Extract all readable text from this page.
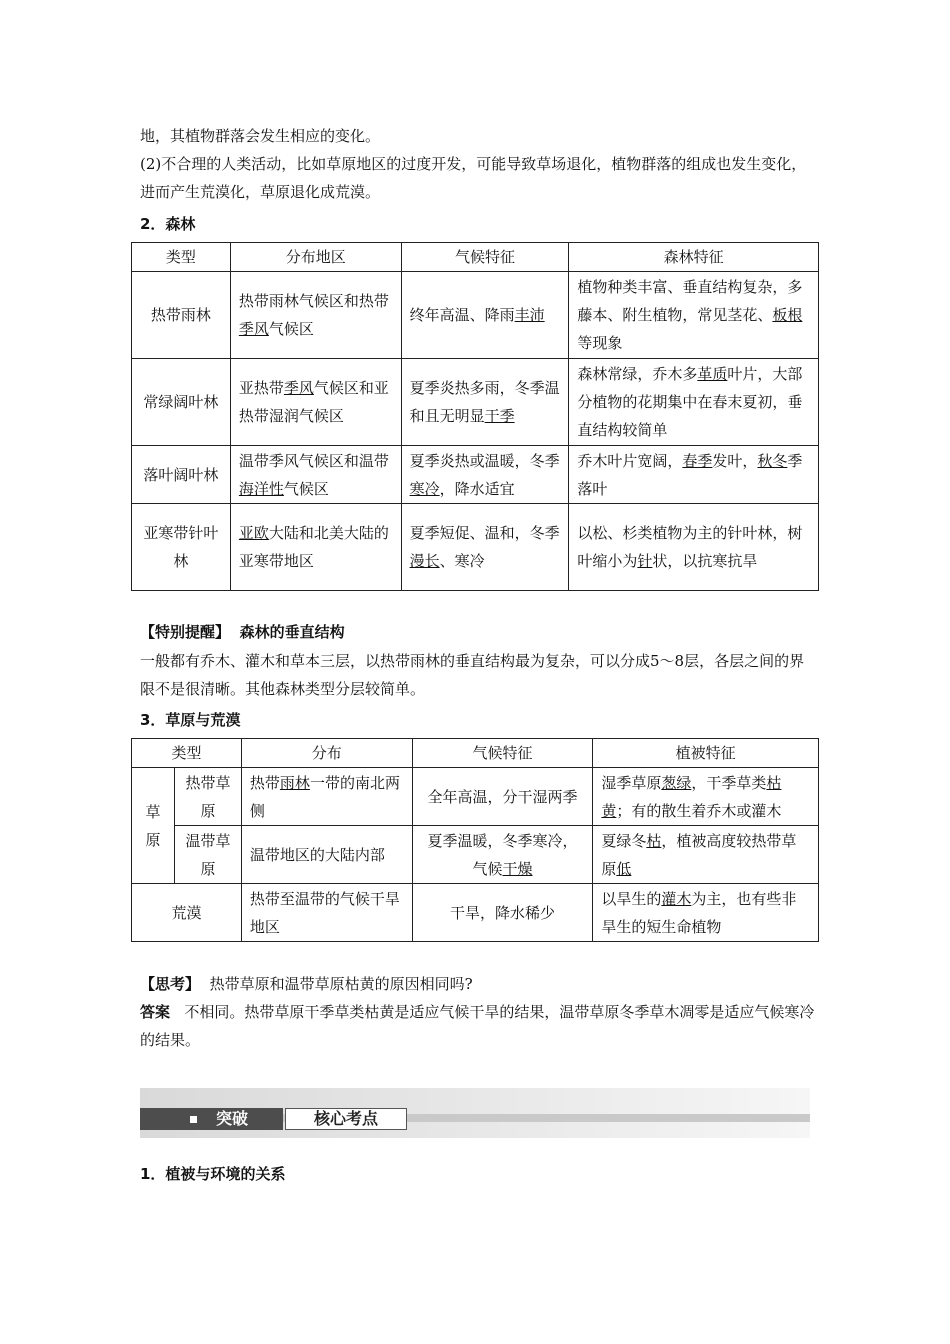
地，其植物群落会发生相应的变化。
(2)不合理的人类活动，比如草原地区的过度开发，可能导致草场退化，植物群落的组成也发生变化，进而产生荒漠化，草原退化成荒漠。
2．森林
类型	分布地区	气候特征	森林特征
热带雨林	热带雨林气候区和热带季风气候区	终年高温、降雨丰沛	植物种类丰富、垂直结构复杂，多藤本、附生植物，常见茎花、板根等现象
常绿阔叶林	亚热带季风气候区和亚热带湿润气候区	夏季炎热多雨，冬季温和且无明显干季	森林常绿，乔木多革质叶片，大部分植物的花期集中在春末夏初，垂直结构较简单
落叶阔叶林	温带季风气候区和温带海洋性气候区	夏季炎热或温暖，冬季寒冷，降水适宜	乔木叶片宽阔，春季发叶，秋冬季落叶
亚寒带针叶林	亚欧大陆和北美大陆的亚寒带地区	夏季短促、温和，冬季漫长、寒冷	以松、杉类植物为主的针叶林，树叶缩小为针状，以抗寒抗旱
【特别提醒】 森林的垂直结构
一般都有乔木、灌木和草本三层，以热带雨林的垂直结构最为复杂，可以分成5～8层，各层之间的界限不是很清晰。其他森林类型分层较简单。
3．草原与荒漠
类型		分布	气候特征	植被特征
草原	热带草原	热带雨林一带的南北两侧	全年高温，分干湿两季	湿季草原葱绿，干季草类枯黄；有的散生着乔木或灌木
	温带草原	温带地区的大陆内部	夏季温暖，冬季寒冷，气候干燥	夏绿冬枯，植被高度较热带草原低
荒漠		热带至温带的气候干旱地区	干旱，降水稀少	以旱生的灌木为主，也有些非旱生的短生命植物
【思考】 热带草原和温带草原枯黄的原因相同吗?
答案 不相同。热带草原干季草类枯黄是适应气候干旱的结果，温带草原冬季草木凋零是适应气候寒冷的结果。
突破	核心考点
1．植被与环境的关系
